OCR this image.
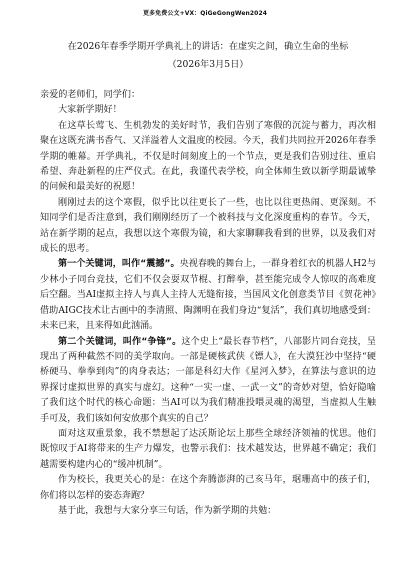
更多免费公文+VX：QiGeGongWen2024
在2026年春季学期开学典礼上的讲话：在虚实之间，确立生命的坐标
（2026年3月5日）

亲爱的老师们，同学们：

大家新学期好！

在这草长莺飞、生机勃发的美好时节，我们告别了寒假的沉淀与蓄力，再次相聚在这既充满书香气、又洋溢着人文温度的校园。今天，我们共同拉开2026年春季学期的帷幕。开学典礼，不仅是时间刻度上的一个节点，更是我们告别过往、重启希望、奔赴新程的庄严仪式。在此，我谨代表学校，向全体师生致以新学期最诚挚的问候和最美好的祝愿！

刚刚过去的这个寒假，似乎比以往更长了一些，也比以往更热闹、更深刻。不知同学们是否注意到，我们刚刚经历了一个被科技与文化深度重构的春节。今天，站在新学期的起点，我想以这个寒假为镜，和大家聊聊我看到的世界，以及我们对成长的思考。

第一个关键词，叫作“震撼”。央视春晚的舞台上，一群身着红衣的机器人H2与少林小子同台竞技，它们不仅会耍双节棍、打醉拳，甚至能完成令人惊叹的高难度后空翻。当AI虚拟主持人与真人主持人无缝衔接，当国风文化创意类节目《贺花神》借助AIGC技术让古画中的李清照、陶渊明在我们身边“复活”，我们真切地感受到：未来已来，且来得如此汹涌。

第二个关键词，叫作“争锋”。这个史上“最长春节档”，八部影片同台竞技，呈现出了两种截然不同的美学取向。一部是硬核武侠《镖人》，在大漠狂沙中坚持“硬桥硬马、拳拳到肉”的肉身表达；一部是科幻大作《星河入梦》，在算法与意识的边界探讨虚拟世界的真实与虚幻。这种“一实一虚、一武一文”的奇妙对望，恰好隐喻了我们这个时代的核心命题：当AI可以为我们精准投喂灵魂的渴望，当虚拟人生触手可及，我们该如何安放那个真实的自己？

面对这双重景象，我不禁想起了达沃斯论坛上那些全球经济领袖的忧思。他们既惊叹于AI将带来的生产力爆发，也警示我们：技术越发达，世界越不确定；我们越需要构建内心的“缓冲机制”。

作为校长，我更关心的是：在这个奔腾澎湃的己亥马年，琚珊高中的孩子们，你们将以怎样的姿态奔跑？

基于此，我想与大家分享三句话，作为新学期的共勉：
